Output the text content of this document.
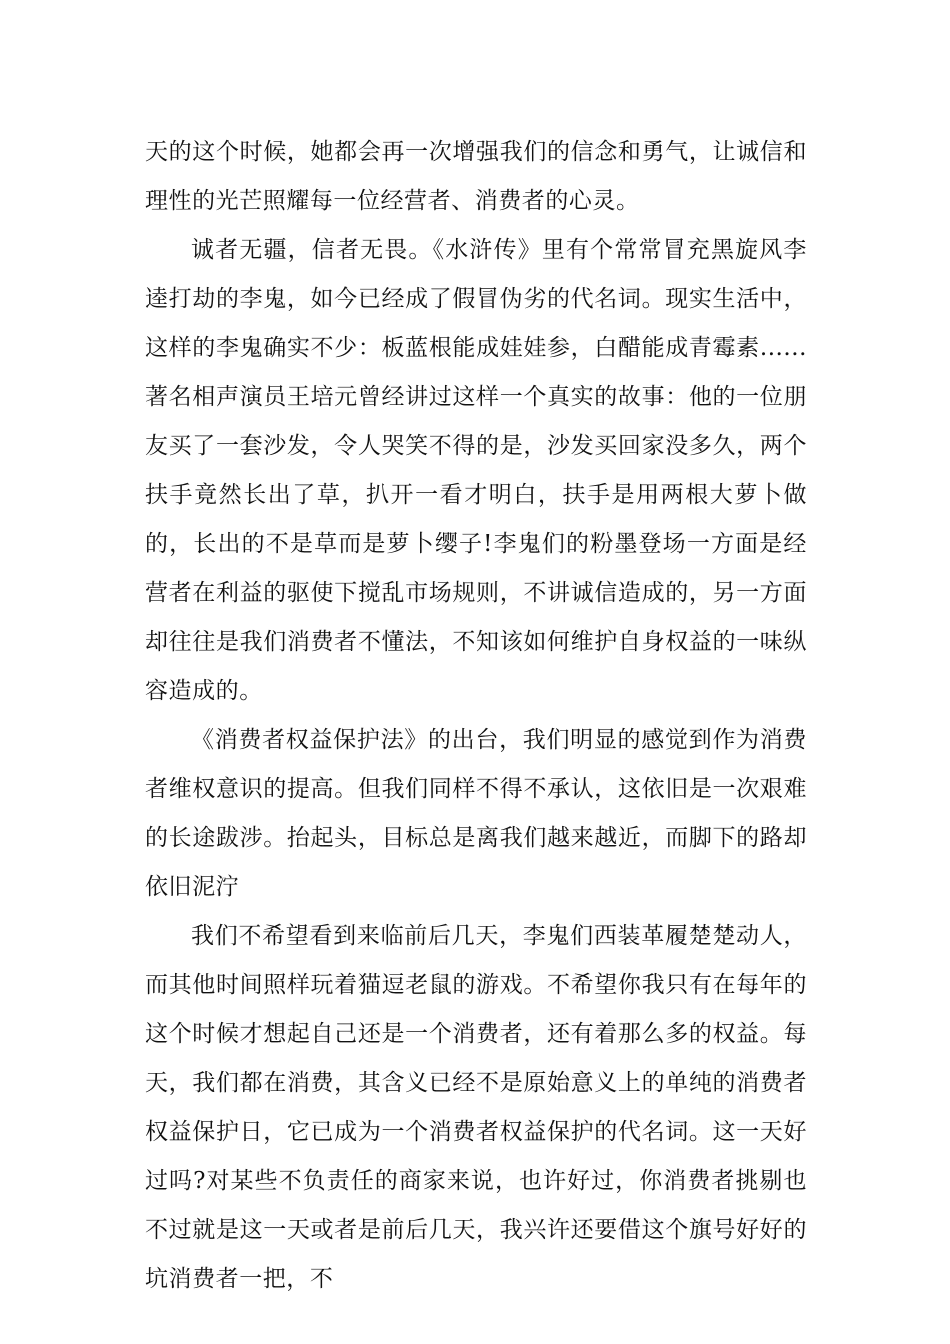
天的这个时候，她都会再一次增强我们的信念和勇气，让诚信和理性的光芒照耀每一位经营者、消费者的心灵。

诚者无疆，信者无畏。《水浒传》里有个常常冒充黑旋风李逵打劫的李鬼，如今已经成了假冒伪劣的代名词。现实生活中，这样的李鬼确实不少：板蓝根能成娃娃参，白醋能成青霉素......著名相声演员王培元曾经讲过这样一个真实的故事：他的一位朋友买了一套沙发，令人哭笑不得的是，沙发买回家没多久，两个扶手竟然长出了草，扒开一看才明白，扶手是用两根大萝卜做的，长出的不是草而是萝卜缨子!李鬼们的粉墨登场一方面是经营者在利益的驱使下搅乱市场规则，不讲诚信造成的，另一方面却往往是我们消费者不懂法，不知该如何维护自身权益的一味纵容造成的。

《消费者权益保护法》的出台，我们明显的感觉到作为消费者维权意识的提高。但我们同样不得不承认，这依旧是一次艰难的长途跋涉。抬起头，目标总是离我们越来越近，而脚下的路却依旧泥泞

我们不希望看到来临前后几天，李鬼们西装革履楚楚动人，而其他时间照样玩着猫逗老鼠的游戏。不希望你我只有在每年的这个时候才想起自己还是一个消费者，还有着那么多的权益。每天，我们都在消费，其含义已经不是原始意义上的单纯的消费者权益保护日，它已成为一个消费者权益保护的代名词。这一天好过吗?对某些不负责任的商家来说，也许好过，你消费者挑剔也不过就是这一天或者是前后几天，我兴许还要借这个旗号好好的坑消费者一把，不
